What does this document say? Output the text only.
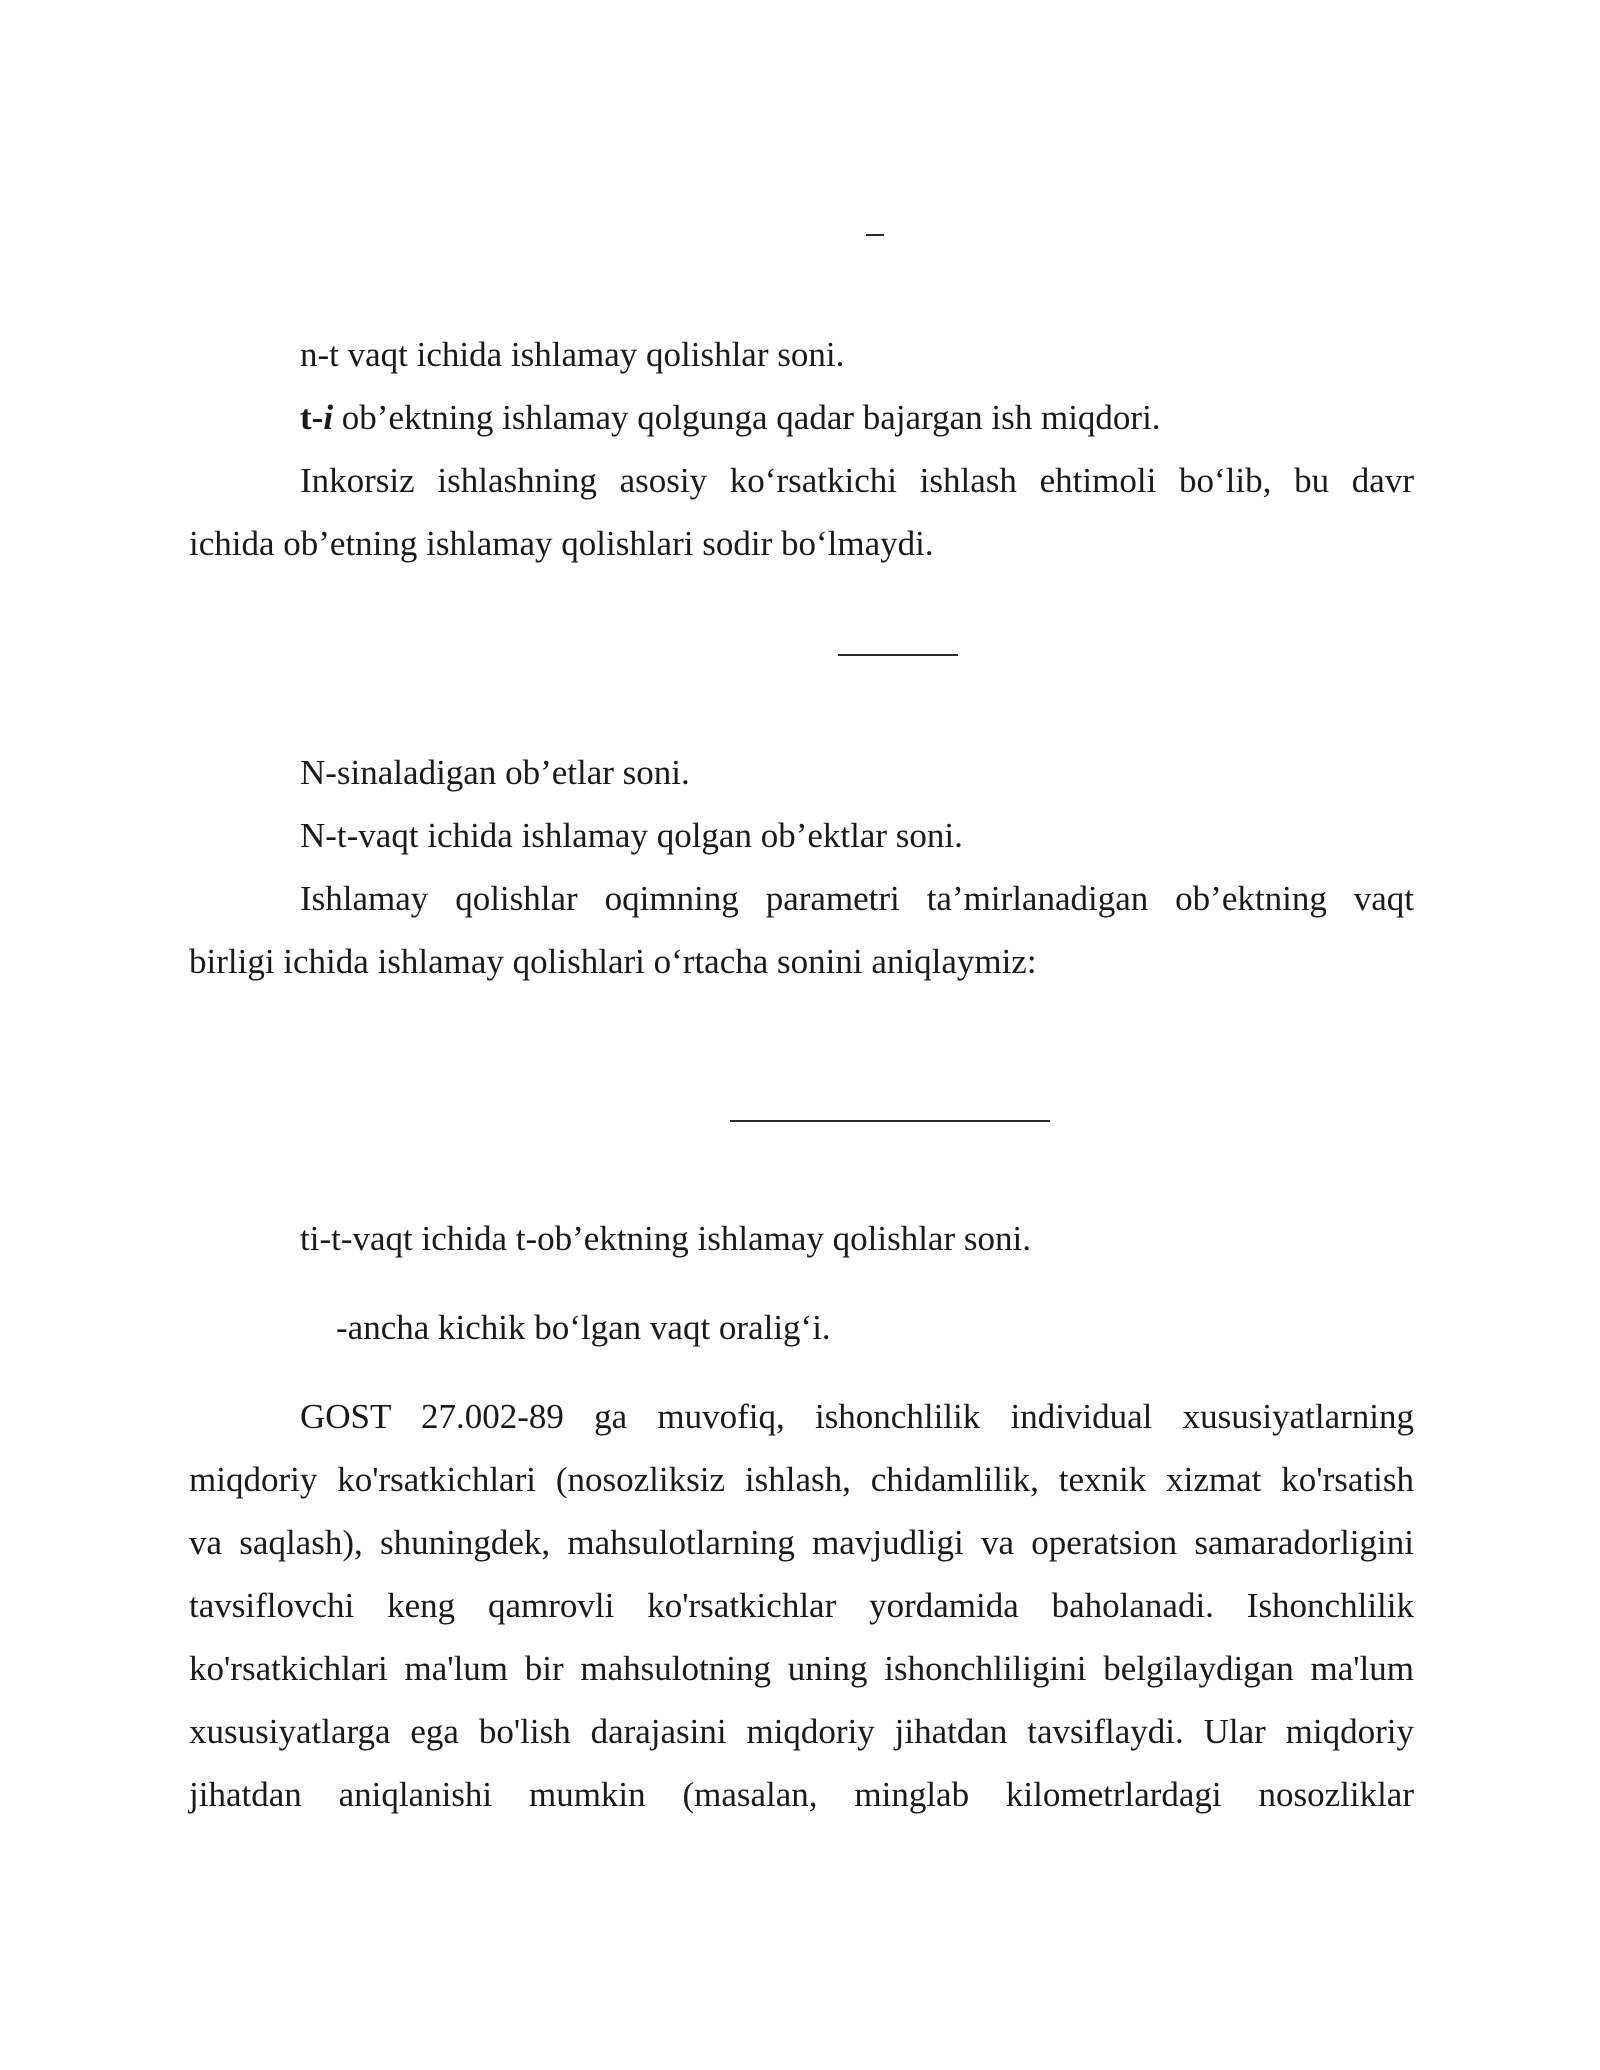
n-t vaqt ichida ishlamay qolishlar soni.
t-i ob’ektning ishlamay qolgunga qadar bajargan ish miqdori.
Inkorsiz ishlashning asosiy ko‘rsatkichi ishlash ehtimoli bo‘lib, bu davr
ichida ob’etning ishlamay qolishlari sodir bo‘lmaydi.
N-sinaladigan ob’etlar soni.
N-t-vaqt ichida ishlamay qolgan ob’ektlar soni.
Ishlamay qolishlar oqimning parametri ta’mirlanadigan ob’ektning vaqt
birligi ichida ishlamay qolishlari o‘rtacha sonini aniqlaymiz:
ti-t-vaqt ichida t-ob’ektning ishlamay qolishlar soni.
-ancha kichik bo‘lgan vaqt oralig‘i.
GOST 27.002-89 ga muvofiq, ishonchlilik individual xususiyatlarning
miqdoriy ko'rsatkichlari (nosozliksiz ishlash, chidamlilik, texnik xizmat ko'rsatish
va saqlash), shuningdek, mahsulotlarning mavjudligi va operatsion samaradorligini
tavsiflovchi keng qamrovli ko'rsatkichlar yordamida baholanadi. Ishonchlilik
ko'rsatkichlari ma'lum bir mahsulotning uning ishonchliligini belgilaydigan ma'lum
xususiyatlarga ega bo'lish darajasini miqdoriy jihatdan tavsiflaydi. Ular miqdoriy
jihatdan aniqlanishi mumkin (masalan, minglab kilometrlardagi nosozliklar
